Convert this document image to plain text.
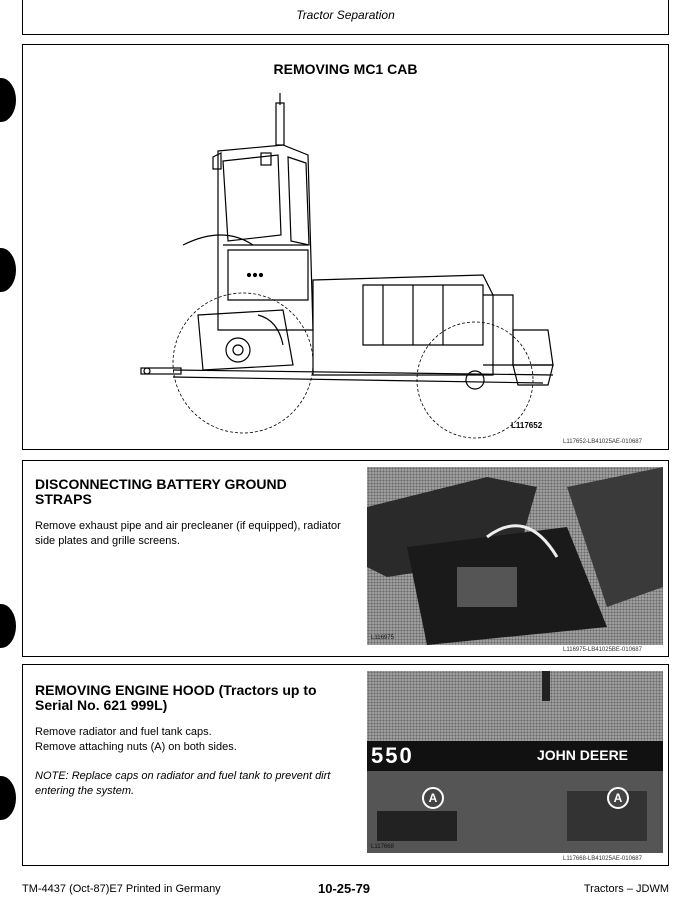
Tractor Separation
REMOVING MC1 CAB
L117652
L117652-LB41025AE-010687
DISCONNECTING BATTERY GROUND STRAPS
Remove exhaust pipe and air precleaner (if equipped), radiator side plates and grille screens.
L116975
L116975-LB41025BE-010687
REMOVING ENGINE HOOD (Tractors up to Serial No. 621 999L)
Remove radiator and fuel tank caps.
Remove attaching nuts (A) on both sides.
NOTE: Replace caps on radiator and fuel tank to prevent dirt entering the system.
550	JOHN DEERE
A	A
L117668
L117668-LB41025AE-010687
TM-4437 (Oct-87)E7 Printed in Germany	10-25-79	Tractors – JDWM
